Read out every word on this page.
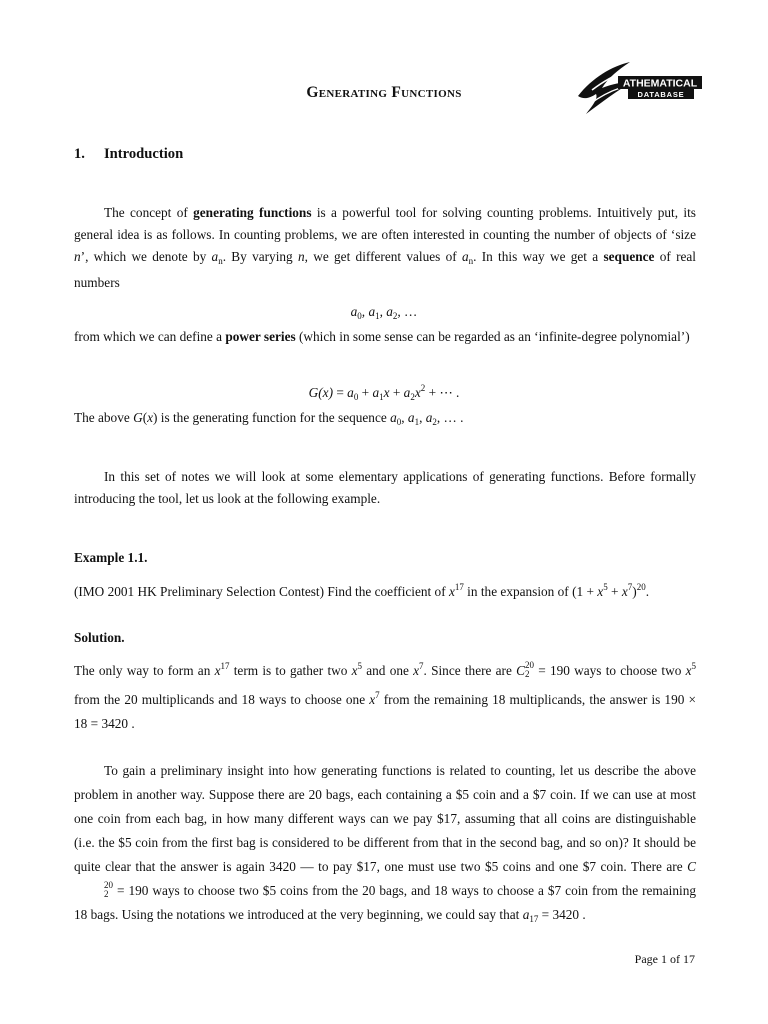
Generating Functions
ATHEMATICAL
DATABASE
1. Introduction
The concept of generating functions is a powerful tool for solving counting problems. Intuitively put, its general idea is as follows. In counting problems, we are often interested in counting the number of objects of ‘size n’, which we denote by $a_n$. By varying n, we get different values of $a_n$. In this way we get a sequence of real numbers
$a_0$, $a_1$, $a_2$, …
from which we can define a power series (which in some sense can be regarded as an ‘infinite-degree polynomial’)
$G(x) = a_0 + a_1x + a_2x^2$ + ⋯ .
The above G(x) is the generating function for the sequence $a_0$, $a_1$, $a_2$, … .
In this set of notes we will look at some elementary applications of generating functions. Before formally introducing the tool, let us look at the following example.
Example 1.1.
(IMO 2001 HK Preliminary Selection Contest) Find the coefficient of $x^{17}$ in the expansion of $(1 + x^5 + x^7)^{20}$.
Solution.
The only way to form an $x^{17}$ term is to gather two $x^5$ and one $x^7$. Since there are C 20
2 = 190 ways to choose two $x^5$ from the 20 multiplicands and 18 ways to choose one $x^7$ from the remaining 18 multiplicands, the answer is 190 × 18 = 3420 .
To gain a preliminary insight into how generating functions is related to counting, let us describe the above problem in another way. Suppose there are 20 bags, each containing a $5 coin and a $7 coin. If we can use at most one coin from each bag, in how many different ways can we pay $17, assuming that all coins are distinguishable (i.e. the $5 coin from the first bag is considered to be different from that in the second bag, and so on)? It should be quite clear that the answer is again 3420 — to pay $17, one must use two $5 coins and one $7 coin. There are C
20
2 = 190 ways to choose two $5 coins from the 20 bags, and 18 ways to choose a $7 coin from the remaining 18 bags. Using the notations we introduced at the very beginning, we could say that $a_{17} = 3420$ .
Page 1 of 17
